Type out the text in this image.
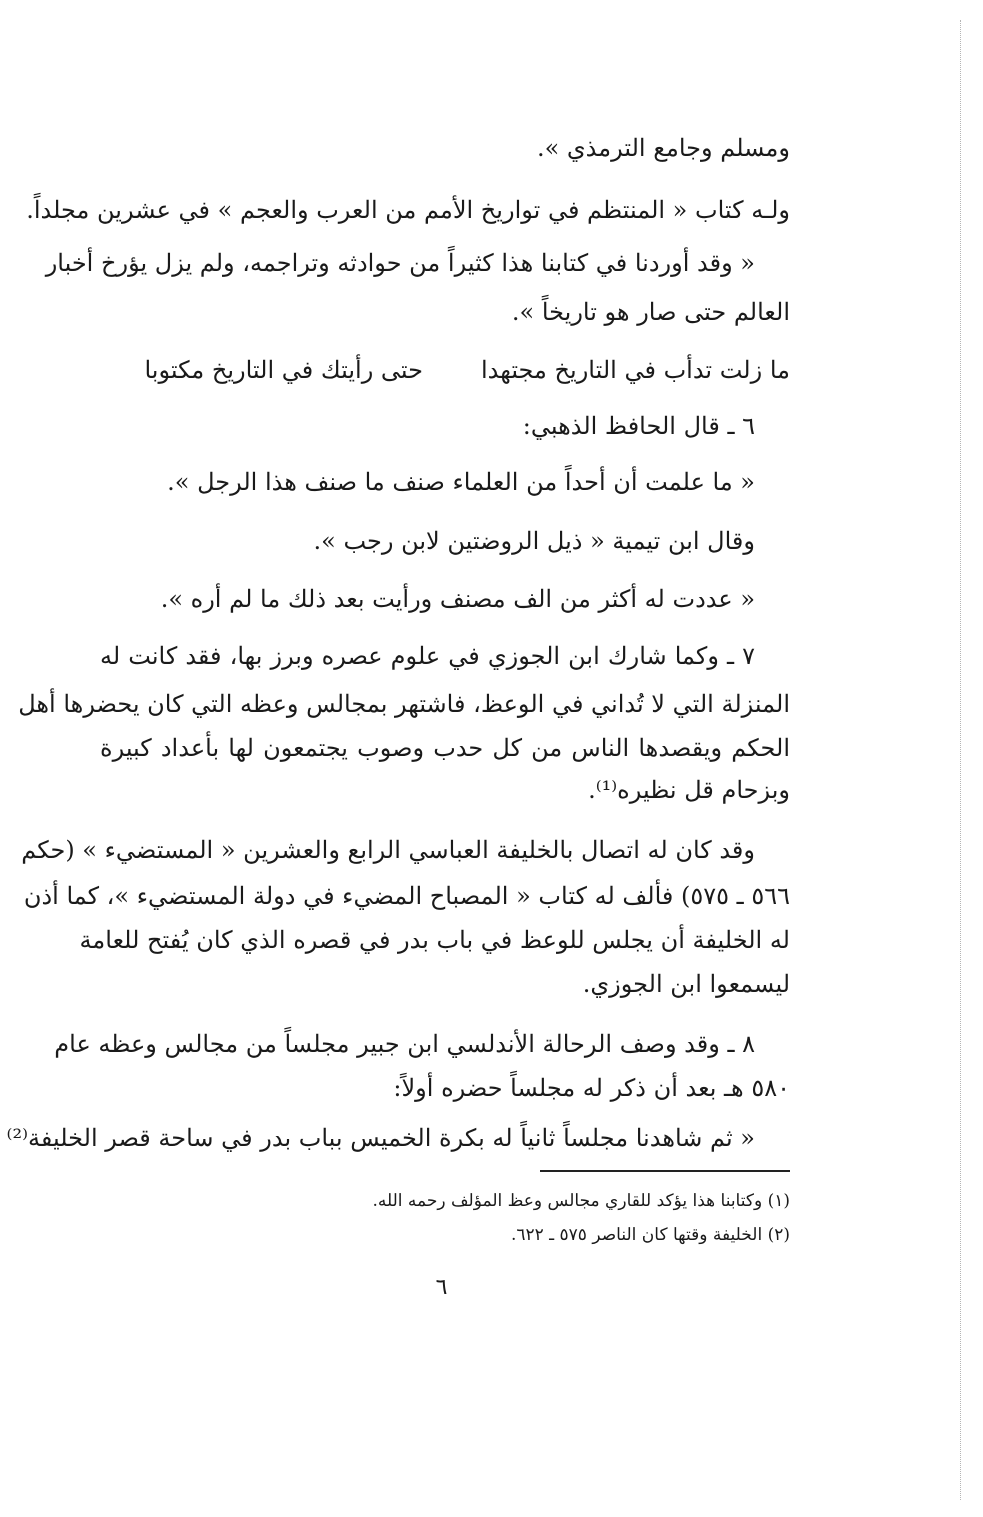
ومسلم وجامع الترمذي ».
ولـه كتاب « المنتظم في تواريخ الأمم من العرب والعجم » في عشرين مجلداً.
« وقد أوردنا في كتابنا هذا كثيراً من حوادثه وتراجمه، ولم يزل يؤرخ أخبار
العالم حتى صار هو تاريخاً ».
ما زلت تدأب في التاريخ مجتهدا
حتى رأيتك في التاريخ مكتوبا
٦ ـ قال الحافظ الذهبي:
« ما علمت أن أحداً من العلماء صنف ما صنف هذا الرجل ».
وقال ابن تيمية « ذيل الروضتين لابن رجب ».
« عددت له أكثر من الف مصنف ورأيت بعد ذلك ما لم أره ».
٧ ـ وكما شارك ابن الجوزي في علوم عصره وبرز بها، فقد كانت له
المنزلة التي لا تُداني في الوعظ، فاشتهر بمجالس وعظه التي كان يحضرها أهل
الحكم ويقصدها الناس من كل حدب وصوب يجتمعون لها بأعداد كبيرة
وبزحام قل نظيره⁽¹⁾.
وقد كان له اتصال بالخليفة العباسي الرابع والعشرين « المستضيء » (حكم
٥٦٦ ـ ٥٧٥) فألف له كتاب « المصباح المضيء في دولة المستضيء »، كما أذن
له الخليفة أن يجلس للوعظ في باب بدر في قصره الذي كان يُفتح للعامة
ليسمعوا ابن الجوزي.
٨ ـ وقد وصف الرحالة الأندلسي ابن جبير مجلساً من مجالس وعظه عام
٥٨٠ هـ بعد أن ذكر له مجلساً حضره أولاً:
« ثم شاهدنا مجلساً ثانياً له بكرة الخميس بباب بدر في ساحة قصر الخليفة⁽²⁾
(١) وكتابنا هذا يؤكد للقاري مجالس وعظ المؤلف رحمه الله.
(٢) الخليفة وقتها كان الناصر ٥٧٥ ـ ٦٢٢.
٦
